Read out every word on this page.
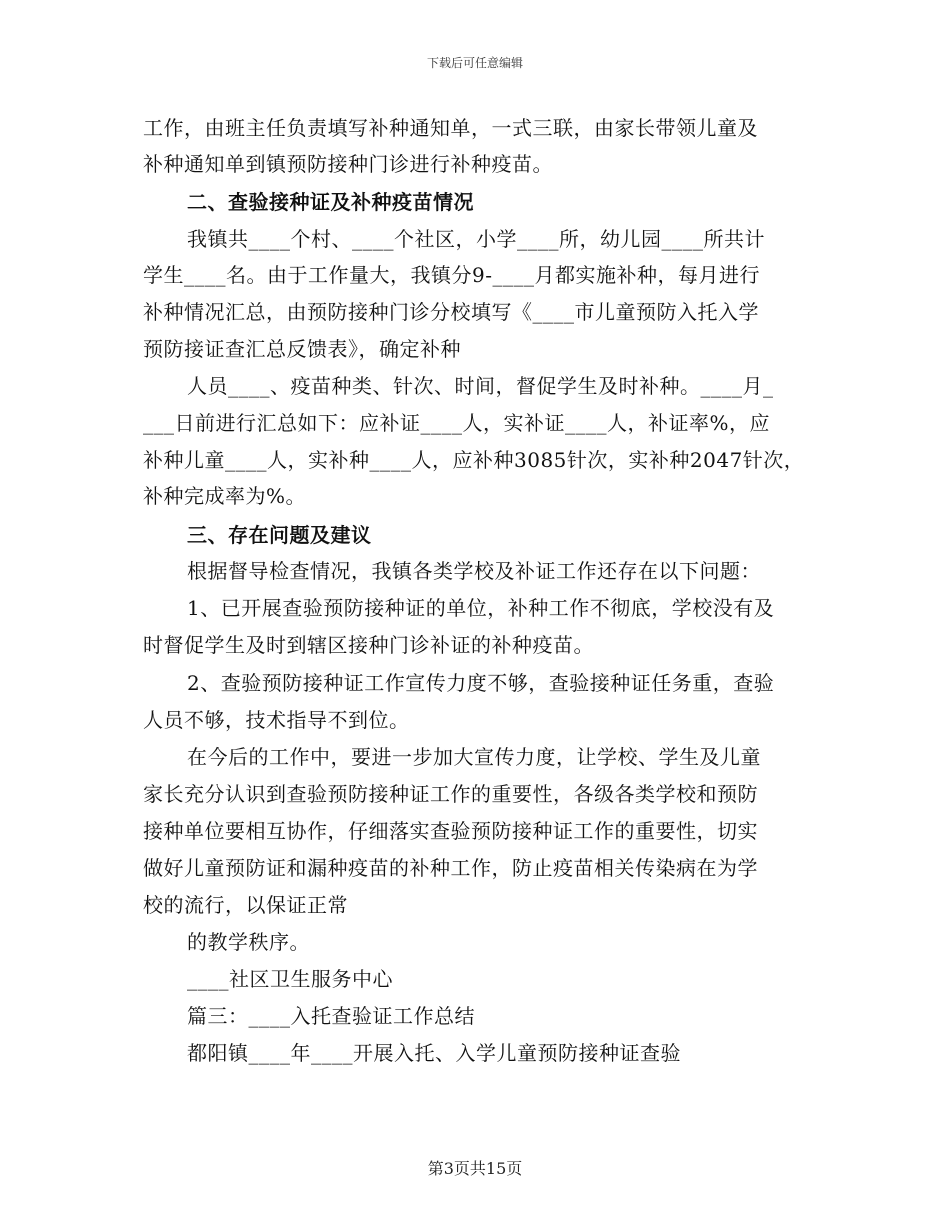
下载后可任意编辑
工作，由班主任负责填写补种通知单，一式三联，由家长带领儿童及
补种通知单到镇预防接种门诊进行补种疫苗。
二、查验接种证及补种疫苗情况
我镇共____个村、____个社区，小学____所，幼儿园____所共计
学生____名。由于工作量大，我镇分9-____月都实施补种，每月进行
补种情况汇总，由预防接种门诊分校填写《____市儿童预防入托入学
预防接证查汇总反馈表》，确定补种
人员____、疫苗种类、针次、时间，督促学生及时补种。____月_
___日前进行汇总如下：应补证____人，实补证____人，补证率%，应
补种儿童____人，实补种____人，应补种3085针次，实补种2047针次，
补种完成率为%。
三、存在问题及建议
根据督导检查情况，我镇各类学校及补证工作还存在以下问题：
1、已开展查验预防接种证的单位，补种工作不彻底，学校没有及
时督促学生及时到辖区接种门诊补证的补种疫苗。
2、查验预防接种证工作宣传力度不够，查验接种证任务重，查验
人员不够，技术指导不到位。
在今后的工作中，要进一步加大宣传力度，让学校、学生及儿童
家长充分认识到查验预防接种证工作的重要性，各级各类学校和预防
接种单位要相互协作，仔细落实查验预防接种证工作的重要性，切实
做好儿童预防证和漏种疫苗的补种工作，防止疫苗相关传染病在为学
校的流行，以保证正常
的教学秩序。
____社区卫生服务中心
篇三：____入托查验证工作总结
都阳镇____年____开展入托、入学儿童预防接种证查验
第3页共15页
